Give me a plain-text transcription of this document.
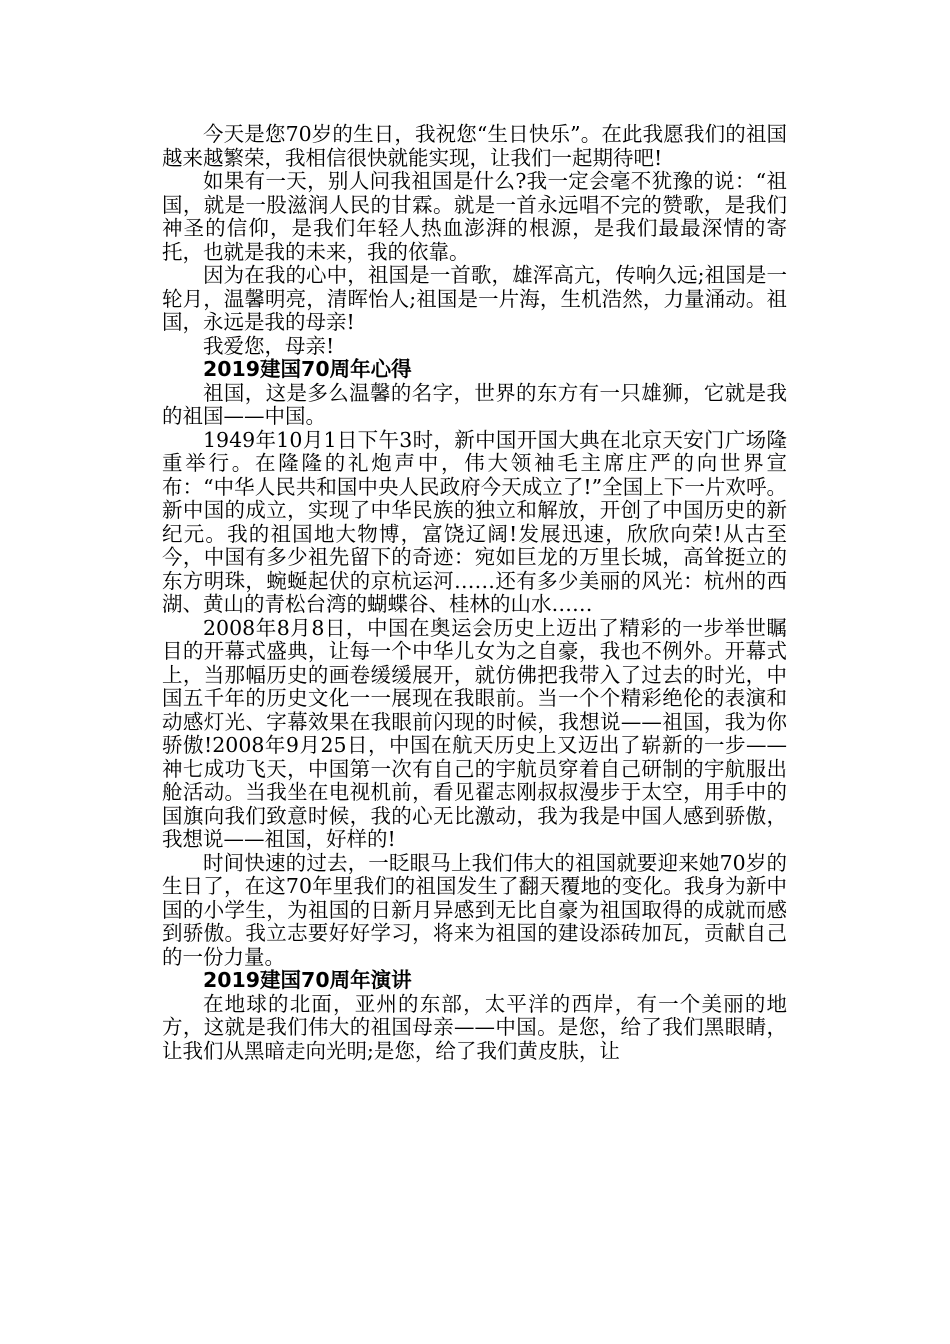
今天是您70岁的生日，我祝您“生日快乐”。在此我愿我们的祖国越来越繁荣，我相信很快就能实现，让我们一起期待吧!

如果有一天，别人问我祖国是什么?我一定会毫不犹豫的说：“祖国，就是一股滋润人民的甘霖。就是一首永远唱不完的赞歌，是我们神圣的信仰，是我们年轻人热血澎湃的根源，是我们最最深情的寄托，也就是我的未来，我的依靠。

因为在我的心中，祖国是一首歌，雄浑高亢，传响久远;祖国是一轮月，温馨明亮，清晖怡人;祖国是一片海，生机浩然，力量涌动。祖国，永远是我的母亲!

我爱您，母亲!

2019建国70周年心得

祖国，这是多么温馨的名字，世界的东方有一只雄狮，它就是我的祖国——中国。

1949年10月1日下午3时，新中国开国大典在北京天安门广场隆重举行。在隆隆的礼炮声中，伟大领袖毛主席庄严的向世界宣布：“中华人民共和国中央人民政府今天成立了!”全国上下一片欢呼。新中国的成立，实现了中华民族的独立和解放，开创了中国历史的新纪元。我的祖国地大物博，富饶辽阔!发展迅速，欣欣向荣!从古至今，中国有多少祖先留下的奇迹：宛如巨龙的万里长城，高耸挺立的东方明珠，蜿蜒起伏的京杭运河……还有多少美丽的风光：杭州的西湖、黄山的青松台湾的蝴蝶谷、桂林的山水……

2008年8月8日，中国在奥运会历史上迈出了精彩的一步举世瞩目的开幕式盛典，让每一个中华儿女为之自豪，我也不例外。开幕式上，当那幅历史的画卷缓缓展开，就仿佛把我带入了过去的时光，中国五千年的历史文化一一展现在我眼前。当一个个精彩绝伦的表演和动感灯光、字幕效果在我眼前闪现的时候，我想说——祖国，我为你骄傲!2008年9月25日，中国在航天历史上又迈出了崭新的一步——神七成功飞天，中国第一次有自己的宇航员穿着自己研制的宇航服出舱活动。当我坐在电视机前，看见翟志刚叔叔漫步于太空，用手中的国旗向我们致意时候，我的心无比激动，我为我是中国人感到骄傲，我想说——祖国，好样的!

时间快速的过去，一眨眼马上我们伟大的祖国就要迎来她70岁的生日了，在这70年里我们的祖国发生了翻天覆地的变化。我身为新中国的小学生，为祖国的日新月异感到无比自豪为祖国取得的成就而感到骄傲。我立志要好好学习，将来为祖国的建设添砖加瓦，贡献自己的一份力量。

2019建国70周年演讲

在地球的北面，亚州的东部，太平洋的西岸，有一个美丽的地方，这就是我们伟大的祖国母亲——中国。是您，给了我们黑眼睛，让我们从黑暗走向光明;是您，给了我们黄皮肤，让
